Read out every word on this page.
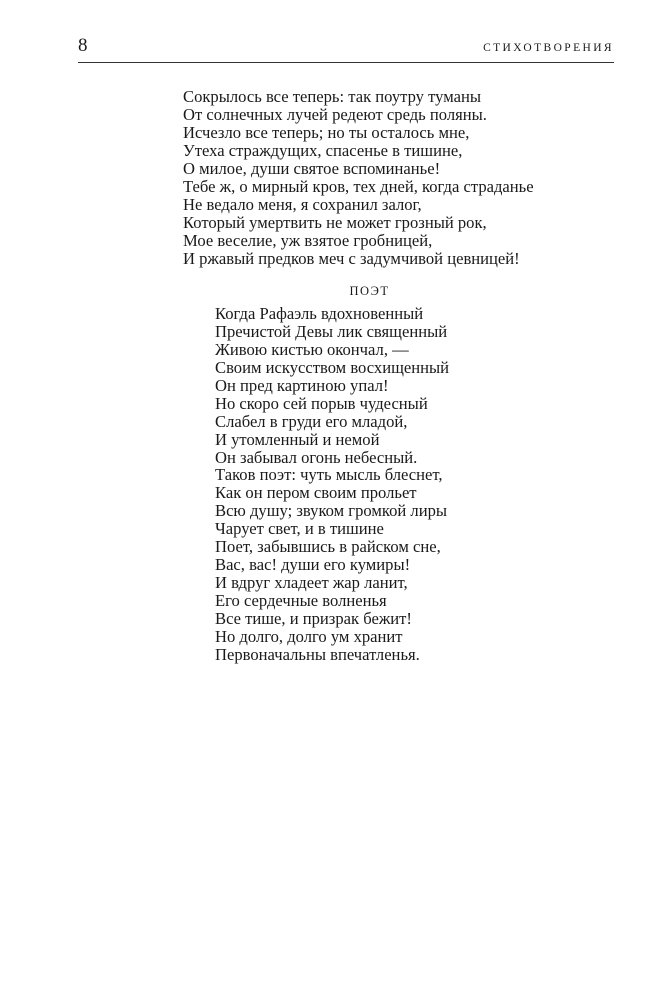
8	СТИХОТВОРЕНИЯ
Сокрылось все теперь: так поутру туманы
От солнечных лучей редеют средь поляны.
Исчезло все теперь; но ты осталось мне,
Утеха страждущих, спасенье в тишине,
О милое, души святое вспоминанье!
Тебе ж, о мирный кров, тех дней, когда страданье
Не ведало меня, я сохранил залог,
Который умертвить не может грозный рок,
Мое веселие, уж взятое гробницей,
И ржавый предков меч с задумчивой цевницей!
ПОЭТ
Когда Рафаэль вдохновенный
Пречистой Девы лик священный
Живою кистью окончал, —
Своим искусством восхищенный
Он пред картиною упал!
Но скоро сей порыв чудесный
Слабел в груди его младой,
И утомленный и немой
Он забывал огонь небесный.
Таков поэт: чуть мысль блеснет,
Как он пером своим прольет
Всю душу; звуком громкой лиры
Чарует свет, и в тишине
Поет, забывшись в райском сне,
Вас, вас! души его кумиры!
И вдруг хладеет жар ланит,
Его сердечные волненья
Все тише, и призрак бежит!
Но долго, долго ум хранит
Первоначальны впечатленья.
